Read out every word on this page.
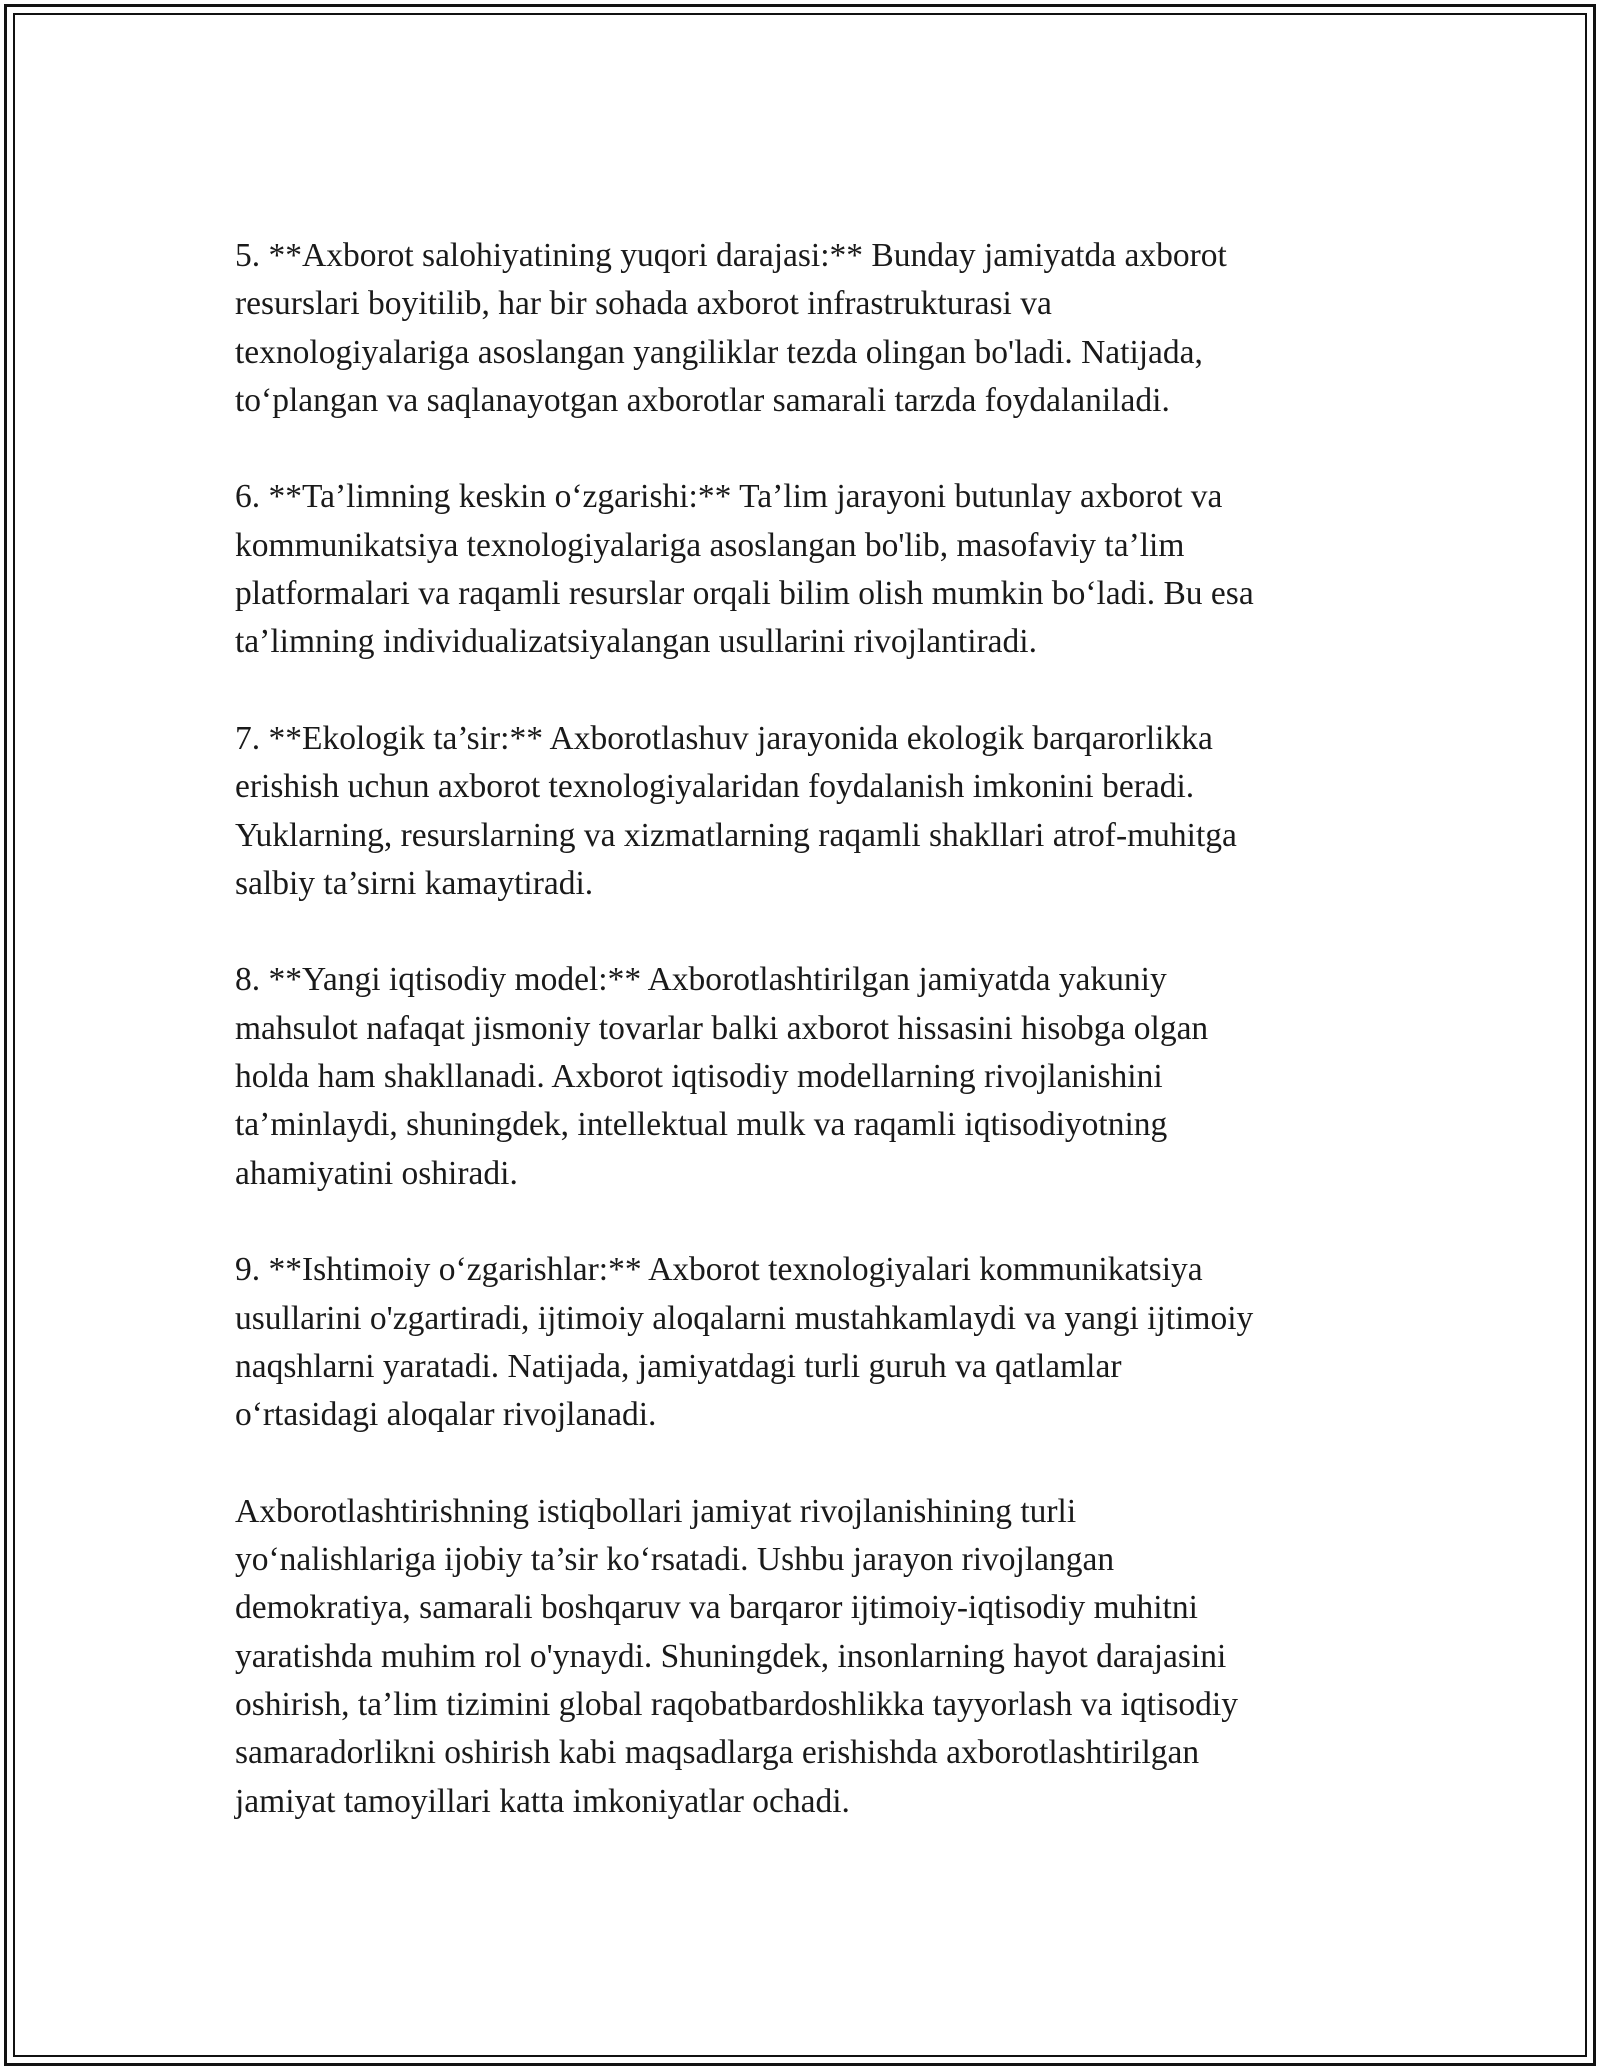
5. **Axborot salohiyatining yuqori darajasi:** Bunday jamiyatda axborot
resurslari boyitilib, har bir sohada axborot infrastrukturasi va
texnologiyalariga asoslangan yangiliklar tezda olingan bo'ladi. Natijada,
to‘plangan va saqlanayotgan axborotlar samarali tarzda foydalaniladi.

6. **Ta’limning keskin o‘zgarishi:** Ta’lim jarayoni butunlay axborot va
kommunikatsiya texnologiyalariga asoslangan bo'lib, masofaviy ta’lim
platformalari va raqamli resurslar orqali bilim olish mumkin bo‘ladi. Bu esa
ta’limning individualizatsiyalangan usullarini rivojlantiradi.

7. **Ekologik ta’sir:** Axborotlashuv jarayonida ekologik barqarorlikka
erishish uchun axborot texnologiyalaridan foydalanish imkonini beradi.
Yuklarning, resurslarning va xizmatlarning raqamli shakllari atrof-muhitga
salbiy ta’sirni kamaytiradi.

8. **Yangi iqtisodiy model:** Axborotlashtirilgan jamiyatda yakuniy
mahsulot nafaqat jismoniy tovarlar balki axborot hissasini hisobga olgan
holda ham shakllanadi. Axborot iqtisodiy modellarning rivojlanishini
ta’minlaydi, shuningdek, intellektual mulk va raqamli iqtisodiyotning
ahamiyatini oshiradi.

9. **Ishtimoiy o‘zgarishlar:** Axborot texnologiyalari kommunikatsiya
usullarini o'zgartiradi, ijtimoiy aloqalarni mustahkamlaydi va yangi ijtimoiy
naqshlarni yaratadi. Natijada, jamiyatdagi turli guruh va qatlamlar
o‘rtasidagi aloqalar rivojlanadi.

Axborotlashtirishning istiqbollari jamiyat rivojlanishining turli
yo‘nalishlariga ijobiy ta’sir ko‘rsatadi. Ushbu jarayon rivojlangan
demokratiya, samarali boshqaruv va barqaror ijtimoiy-iqtisodiy muhitni
yaratishda muhim rol o'ynaydi. Shuningdek, insonlarning hayot darajasini
oshirish, ta’lim tizimini global raqobatbardoshlikka tayyorlash va iqtisodiy
samaradorlikni oshirish kabi maqsadlarga erishishda axborotlashtirilgan
jamiyat tamoyillari katta imkoniyatlar ochadi.
